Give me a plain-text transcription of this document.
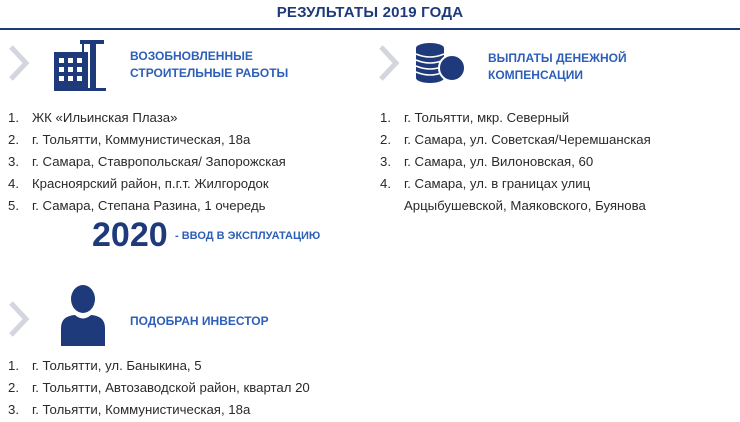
РЕЗУЛЬТАТЫ 2019 ГОДА
ВОЗОБНОВЛЕННЫЕ
СТРОИТЕЛЬНЫЕ РАБОТЫ
1. ЖК «Ильинская Плаза»
2. г. Тольятти, Коммунистическая, 18а
3. г. Самара, Ставропольская/ Запорожская
4. Красноярский район, п.г.т. Жилгородок
5. г. Самара, Степана Разина, 1 очередь
2020 - ВВОД В ЭКСПЛУАТАЦИЮ
ВЫПЛАТЫ ДЕНЕЖНОЙ
КОМПЕНСАЦИИ
1. г. Тольятти, мкр. Северный
2. г. Самара, ул. Советская/Черемшанская
3. г. Самара, ул. Вилоновская, 60
4. г. Самара, ул. в границах улиц
Арцыбушевской, Маяковского, Буянова
ПОДОБРАН ИНВЕСТОР
1. г. Тольятти, ул. Баныкина, 5
2. г. Тольятти, Автозаводской район, квартал 20
3. г. Тольятти, Коммунистическая, 18а
